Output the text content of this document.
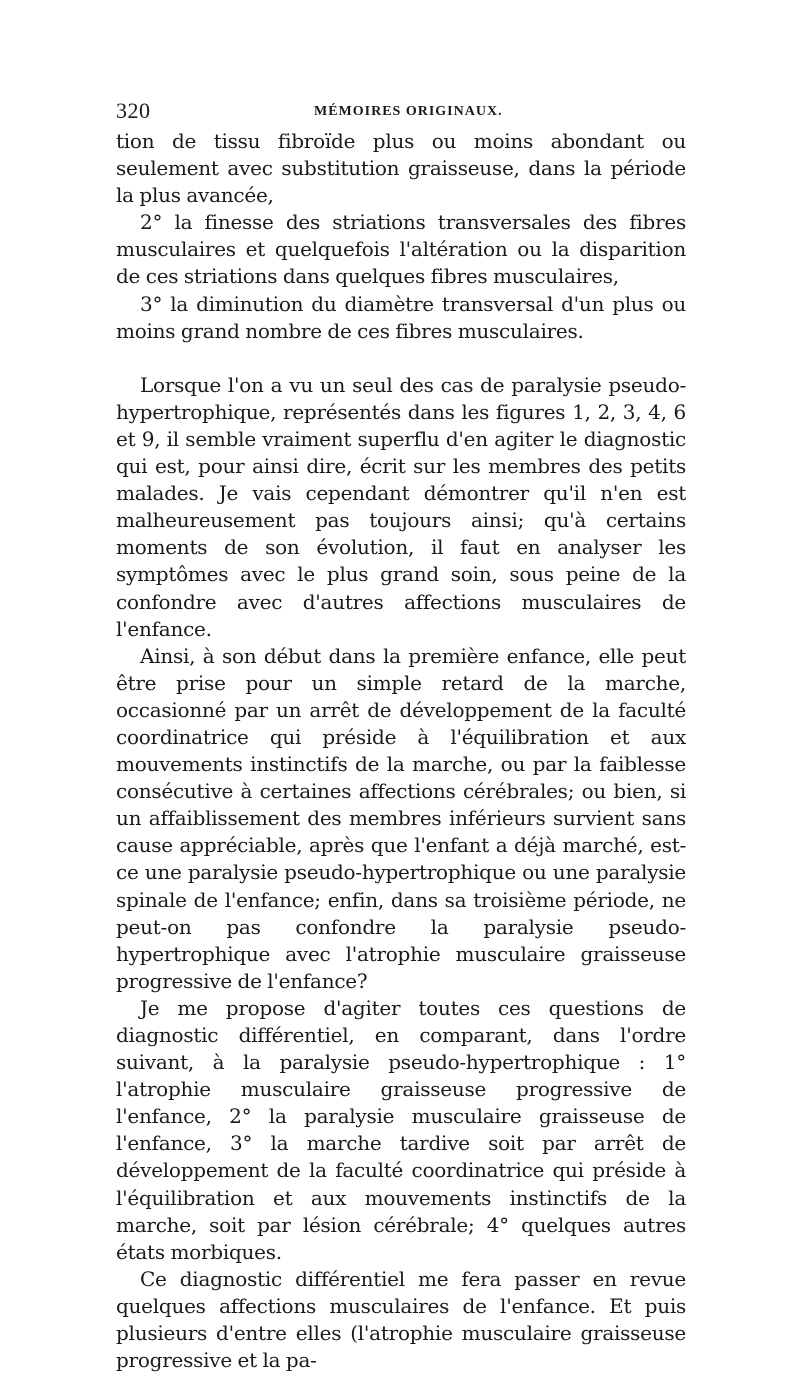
320	MÉMOIRES ORIGINAUX.

tion de tissu fibroïde plus ou moins abondant ou seulement avec substitution graisseuse, dans la période la plus avancée,

2° la finesse des striations transversales des fibres musculaires et quelquefois l'altération ou la disparition de ces striations dans quelques fibres musculaires,

3° la diminution du diamètre transversal d'un plus ou moins grand nombre de ces fibres musculaires.

Lorsque l'on a vu un seul des cas de paralysie pseudo-hypertrophique, représentés dans les figures 1, 2, 3, 4, 6 et 9, il semble vraiment superflu d'en agiter le diagnostic qui est, pour ainsi dire, écrit sur les membres des petits malades. Je vais cependant démontrer qu'il n'en est malheureusement pas toujours ainsi; qu'à certains moments de son évolution, il faut en analyser les symptômes avec le plus grand soin, sous peine de la confondre avec d'autres affections musculaires de l'enfance.

Ainsi, à son début dans la première enfance, elle peut être prise pour un simple retard de la marche, occasionné par un arrêt de développement de la faculté coordinatrice qui préside à l'équilibration et aux mouvements instinctifs de la marche, ou par la faiblesse consécutive à certaines affections cérébrales; ou bien, si un affaiblissement des membres inférieurs survient sans cause appréciable, après que l'enfant a déjà marché, est-ce une paralysie pseudo-hypertrophique ou une paralysie spinale de l'enfance; enfin, dans sa troisième période, ne peut-on pas confondre la paralysie pseudo-hypertrophique avec l'atrophie musculaire graisseuse progressive de l'enfance?

Je me propose d'agiter toutes ces questions de diagnostic différentiel, en comparant, dans l'ordre suivant, à la paralysie pseudo-hypertrophique : 1° l'atrophie musculaire graisseuse progressive de l'enfance, 2° la paralysie musculaire graisseuse de l'enfance, 3° la marche tardive soit par arrêt de développement de la faculté coordinatrice qui préside à l'équilibration et aux mouvements instinctifs de la marche, soit par lésion cérébrale; 4° quelques autres états morbiques.

Ce diagnostic différentiel me fera passer en revue quelques affections musculaires de l'enfance. Et puis plusieurs d'entre elles (l'atrophie musculaire graisseuse progressive et la pa-
